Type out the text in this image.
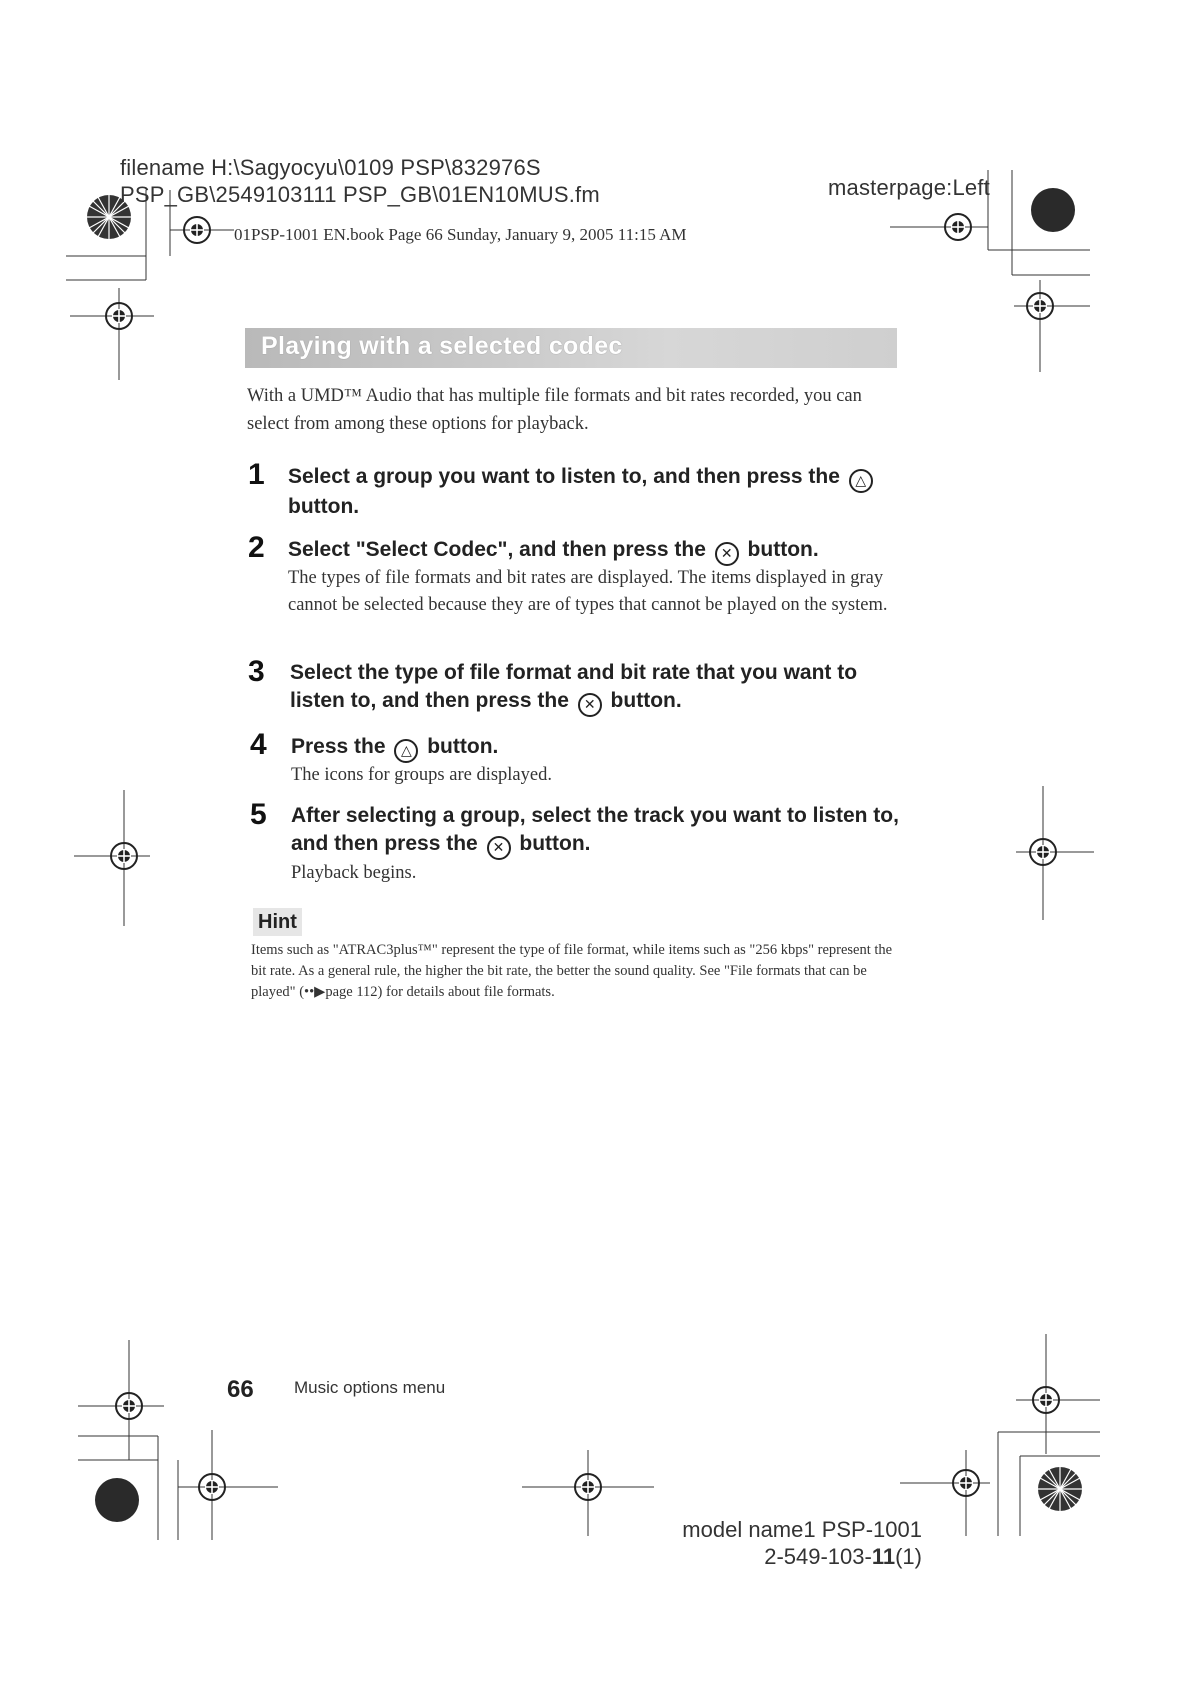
filename H:\Sagyocyu\0109 PSP\832976S
PSP_GB\2549103111 PSP_GB\01EN10MUS.fm	masterpage:Left
01PSP-1001 EN.book Page 66 Sunday, January 9, 2005 11:15 AM
Playing with a selected codec
With a UMD™ Audio that has multiple file formats and bit rates recorded, you can select from among these options for playback.
1 Select a group you want to listen to, and then press the △ button.
2 Select "Select Codec", and then press the ✕ button.
The types of file formats and bit rates are displayed. The items displayed in gray cannot be selected because they are of types that cannot be played on the system.
3 Select the type of file format and bit rate that you want to listen to, and then press the ✕ button.
4 Press the △ button.
The icons for groups are displayed.
5 After selecting a group, select the track you want to listen to, and then press the ✕ button.
Playback begins.
Hint
Items such as "ATRAC3plus™" represent the type of file format, while items such as "256 kbps" represent the bit rate. As a general rule, the higher the bit rate, the better the sound quality. See "File formats that can be played" (••▶page 112) for details about file formats.
66 Music options menu
model name1 PSP-1001
2-549-103-11(1)
